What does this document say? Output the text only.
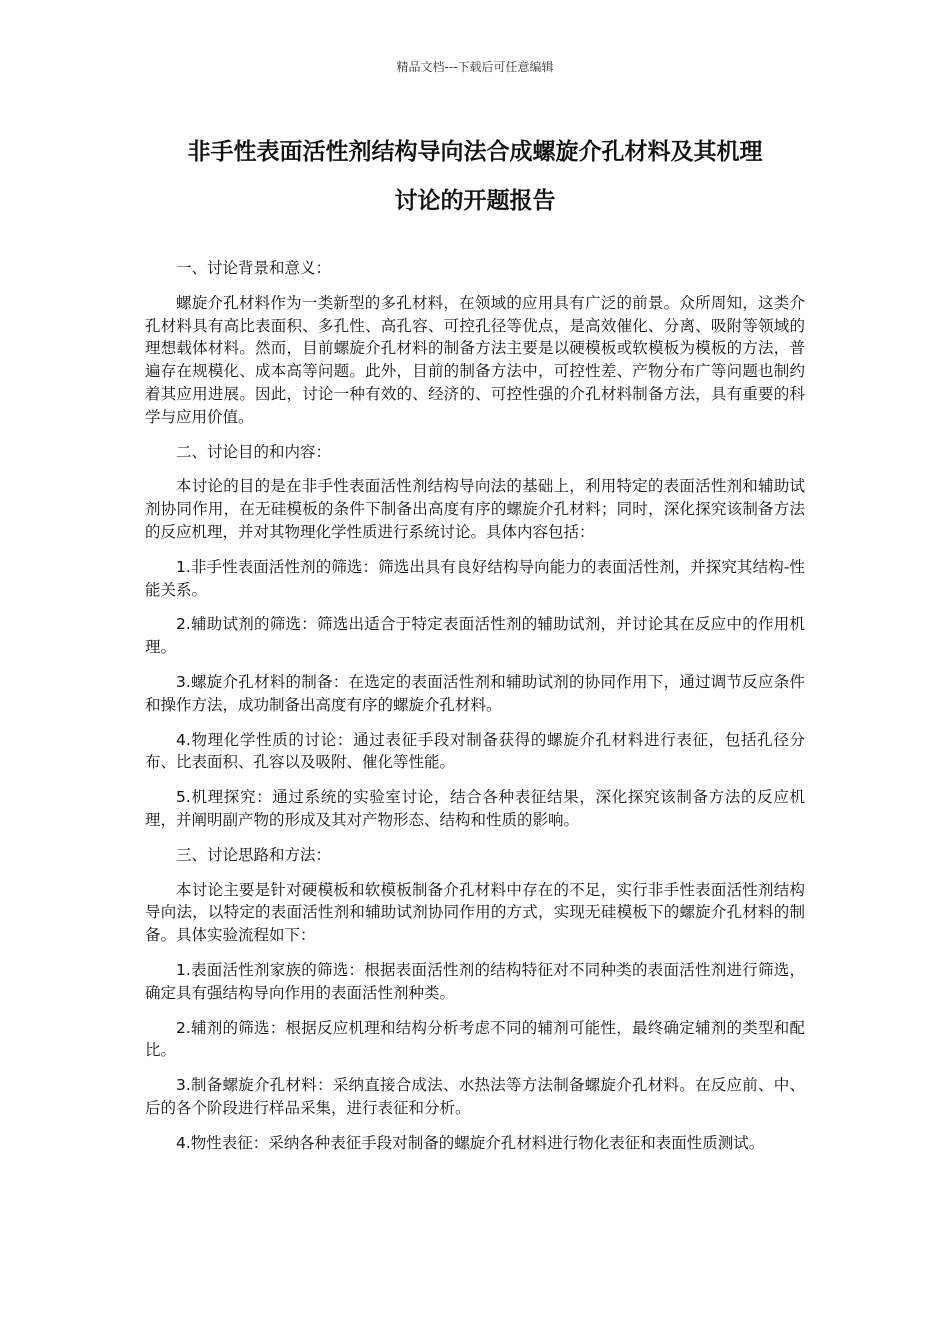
精品文档---下载后可任意编辑
非手性表面活性剂结构导向法合成螺旋介孔材料及其机理
讨论的开题报告

一、讨论背景和意义：

螺旋介孔材料作为一类新型的多孔材料，在领域的应用具有广泛的前景。众所周知，这类介孔材料具有高比表面积、多孔性、高孔容、可控孔径等优点，是高效催化、分离、吸附等领域的理想载体材料。然而，目前螺旋介孔材料的制备方法主要是以硬模板或软模板为模板的方法，普遍存在规模化、成本高等问题。此外，目前的制备方法中，可控性差、产物分布广等问题也制约着其应用进展。因此，讨论一种有效的、经济的、可控性强的介孔材料制备方法，具有重要的科学与应用价值。

二、讨论目的和内容：

本讨论的目的是在非手性表面活性剂结构导向法的基础上，利用特定的表面活性剂和辅助试剂协同作用，在无硅模板的条件下制备出高度有序的螺旋介孔材料；同时，深化探究该制备方法的反应机理，并对其物理化学性质进行系统讨论。具体内容包括：

1.非手性表面活性剂的筛选：筛选出具有良好结构导向能力的表面活性剂，并探究其结构-性能关系。

2.辅助试剂的筛选：筛选出适合于特定表面活性剂的辅助试剂，并讨论其在反应中的作用机理。

3.螺旋介孔材料的制备：在选定的表面活性剂和辅助试剂的协同作用下，通过调节反应条件和操作方法，成功制备出高度有序的螺旋介孔材料。

4.物理化学性质的讨论：通过表征手段对制备获得的螺旋介孔材料进行表征，包括孔径分布、比表面积、孔容以及吸附、催化等性能。

5.机理探究：通过系统的实验室讨论，结合各种表征结果，深化探究该制备方法的反应机理，并阐明副产物的形成及其对产物形态、结构和性质的影响。

三、讨论思路和方法：

本讨论主要是针对硬模板和软模板制备介孔材料中存在的不足，实行非手性表面活性剂结构导向法，以特定的表面活性剂和辅助试剂协同作用的方式，实现无硅模板下的螺旋介孔材料的制备。具体实验流程如下：

1.表面活性剂家族的筛选：根据表面活性剂的结构特征对不同种类的表面活性剂进行筛选，确定具有强结构导向作用的表面活性剂种类。

2.辅剂的筛选：根据反应机理和结构分析考虑不同的辅剂可能性，最终确定辅剂的类型和配比。

3.制备螺旋介孔材料：采纳直接合成法、水热法等方法制备螺旋介孔材料。在反应前、中、后的各个阶段进行样品采集，进行表征和分析。

4.物性表征：采纳各种表征手段对制备的螺旋介孔材料进行物化表征和表面性质测试。
